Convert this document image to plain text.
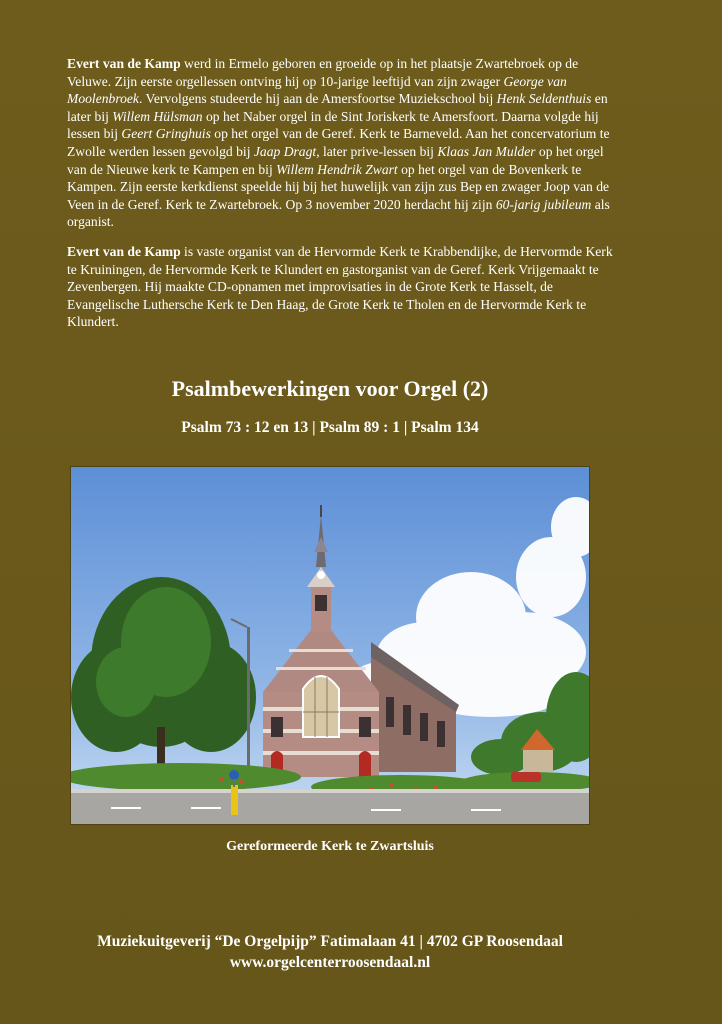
Evert van de Kamp werd in Ermelo geboren en groeide op in het plaatsje Zwartebroek op de Veluwe. Zijn eerste orgellessen ontving hij op 10-jarige leeftijd van zijn zwager George van Moolenbroek. Vervolgens studeerde hij aan de Amersfoortse Muziekschool bij Henk Seldenthuis en later bij Willem Hülsman op het Naber orgel in de Sint Joriskerk te Amersfoort. Daarna volgde hij lessen bij Geert Gringhuis op het orgel van de Geref. Kerk te Barneveld. Aan het concervatorium te Zwolle werden lessen gevolgd bij Jaap Dragt, later prive-lessen bij Klaas Jan Mulder op het orgel van de Nieuwe kerk te Kampen en bij Willem Hendrik Zwart op het orgel van de Bovenkerk te Kampen. Zijn eerste kerkdienst speelde hij bij het huwelijk van zijn zus Bep en zwager Joop van de Veen in de Geref. Kerk te Zwartebroek. Op 3 november 2020 herdacht hij zijn 60-jarig jubileum als organist.

Evert van de Kamp is vaste organist van de Hervormde Kerk te Krabbendijke, de Hervormde Kerk te Kruiningen, de Hervormde Kerk te Klundert en gastorganist van de Geref. Kerk Vrijgemaakt te Zevenbergen. Hij maakte CD-opnamen met improvisaties in de Grote Kerk te Hasselt, de Evangelische Luthersche Kerk te Den Haag, de Grote Kerk te Tholen en de Hervormde Kerk te Klundert.

Psalmbewerkingen voor Orgel (2)
Psalm 73 : 12 en 13 | Psalm 89 : 1 | Psalm 134
Gereformeerde Kerk te Zwartsluis
Muziekuitgeverij “De Orgelpijp” Fatimalaan 41 | 4702 GP Roosendaal
www.orgelcenterroosendaal.nl
